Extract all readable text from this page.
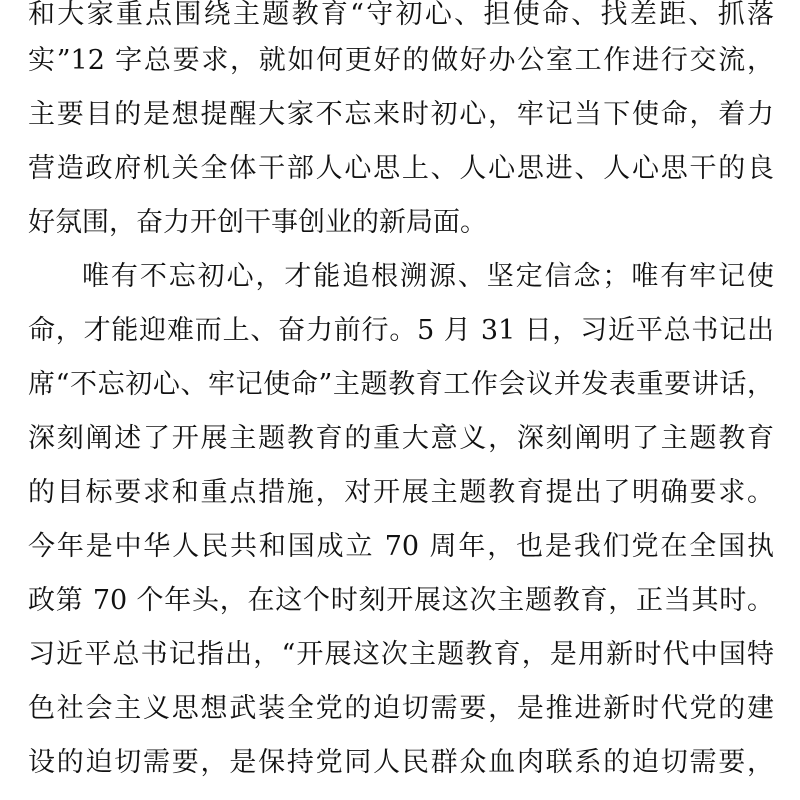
和大家重点围绕主题教育“守初心、担使命、找差距、抓落
实”12 字总要求，就如何更好的做好办公室工作进行交流，
主要目的是想提醒大家不忘来时初心，牢记当下使命，着力
营造政府机关全体干部人心思上、人心思进、人心思干的良
好氛围，奋力开创干事创业的新局面。
唯有不忘初心，才能追根溯源、坚定信念；唯有牢记使
命，才能迎难而上、奋力前行。5 月 31 日，习近平总书记出
席“不忘初心、牢记使命”主题教育工作会议并发表重要讲话，
深刻阐述了开展主题教育的重大意义，深刻阐明了主题教育
的目标要求和重点措施，对开展主题教育提出了明确要求。
今年是中华人民共和国成立 70 周年，也是我们党在全国执
政第 70 个年头，在这个时刻开展这次主题教育，正当其时。
习近平总书记指出，“开展这次主题教育，是用新时代中国特
色社会主义思想武装全党的迫切需要，是推进新时代党的建
设的迫切需要，是保持党同人民群众血肉联系的迫切需要，
